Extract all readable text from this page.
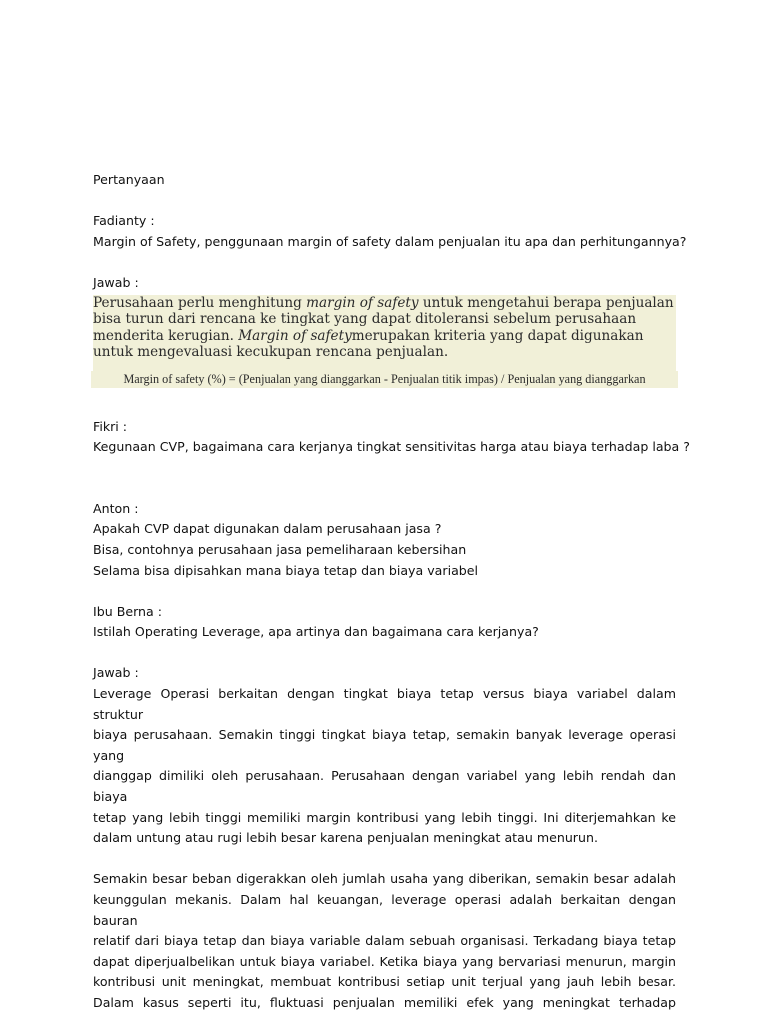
Pertanyaan
Fadianty :
Margin of Safety, penggunaan margin of safety dalam penjualan itu apa dan perhitungannya?
Jawab :
Perusahaan perlu menghitung margin of safety untuk mengetahui berapa penjualan
bisa turun dari rencana ke tingkat yang dapat ditoleransi sebelum perusahaan
menderita kerugian. Margin of safetymerupakan kriteria yang dapat digunakan
untuk mengevaluasi kecukupan rencana penjualan.
Margin of safety (%) = (Penjualan yang dianggarkan - Penjualan titik impas) / Penjualan yang dianggarkan
Fikri :
Kegunaan CVP, bagaimana cara kerjanya tingkat sensitivitas harga atau biaya terhadap laba ?
Anton :
Apakah CVP dapat digunakan dalam perusahaan jasa ?
Bisa, contohnya perusahaan jasa pemeliharaan kebersihan
Selama bisa dipisahkan mana biaya tetap dan biaya variabel
Ibu Berna :
Istilah Operating Leverage, apa artinya dan bagaimana cara kerjanya?
Jawab :
Leverage Operasi berkaitan dengan tingkat biaya tetap versus biaya variabel dalam struktur
biaya perusahaan. Semakin tinggi tingkat biaya tetap, semakin banyak leverage operasi yang
dianggap dimiliki oleh perusahaan. Perusahaan dengan variabel yang lebih rendah dan biaya
tetap yang lebih tinggi memiliki margin kontribusi yang lebih tinggi. Ini diterjemahkan ke
dalam untung atau rugi lebih besar karena penjualan meningkat atau menurun.
Semakin besar beban digerakkan oleh jumlah usaha yang diberikan, semakin besar adalah
keunggulan mekanis. Dalam hal keuangan, leverage operasi adalah berkaitan dengan bauran
relatif dari biaya tetap dan biaya variable dalam sebuah organisasi. Terkadang biaya tetap
dapat diperjualbelikan untuk biaya variabel. Ketika biaya yang bervariasi menurun, margin
kontribusi unit meningkat, membuat kontribusi setiap unit terjual yang jauh lebih besar.
Dalam kasus seperti itu, fluktuasi penjualan memiliki efek yang meningkat terhadap
